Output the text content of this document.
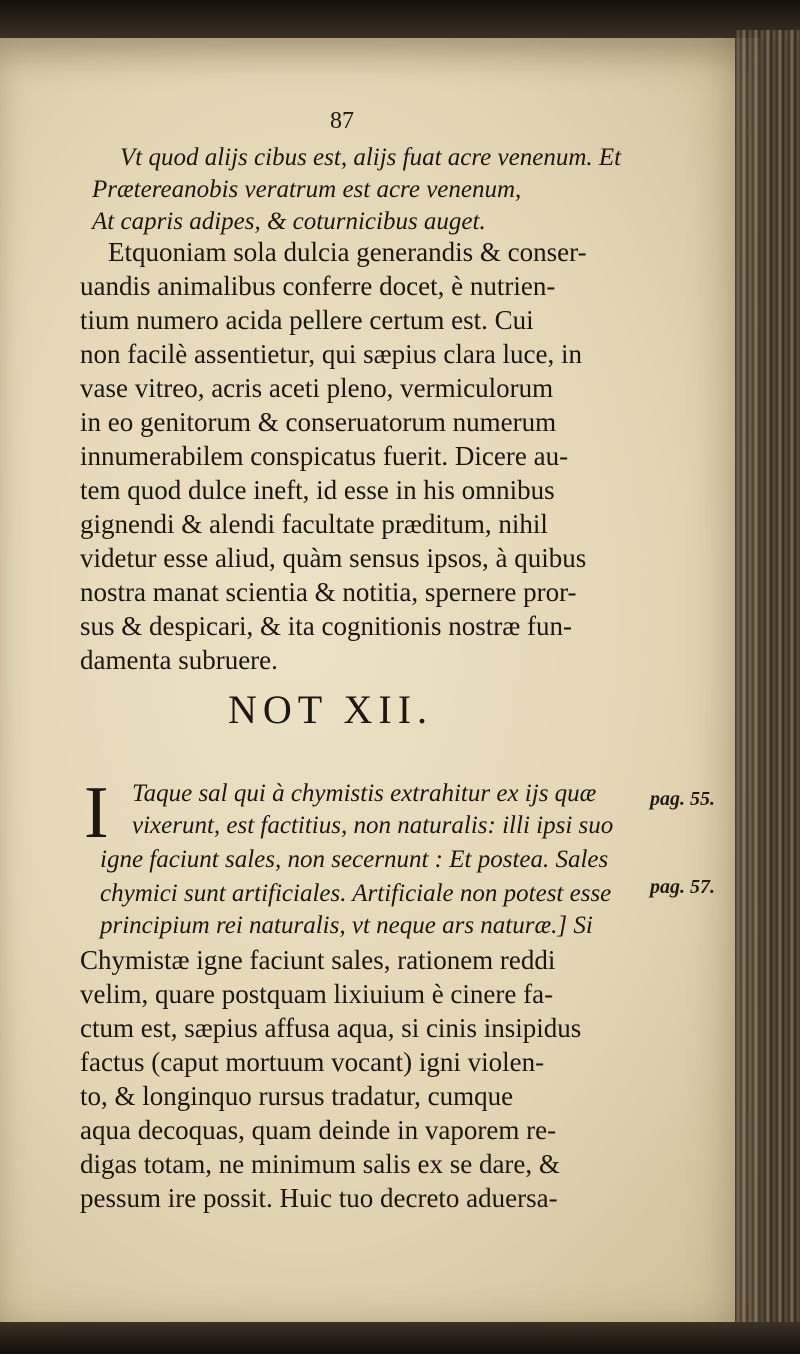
87
Vt quod alijs cibus est, alijs fuat acre venenum. Et
Prætereanobis veratrum est acre venenum,
At capris adipes, & coturnicibus auget.
Etquoniam sola dulcia generandis & conser-
uandis animalibus conferre docet, è nutrien-
tium numero acida pellere certum est. Cui
non facilè assentietur, qui sæpius clara luce, in
vase vitreo, acris aceti pleno, vermiculorum
in eo genitorum & conseruatorum numerum
innumerabilem conspicatus fuerit. Dicere au-
tem quod dulce ineft, id esse in his omnibus
gignendi & alendi facultate præditum, nihil
videtur esse aliud, quàm sensus ipsos, à quibus
nostra manat scientia & notitia, spernere pror-
sus & despicari, & ita cognitionis nostræ fun-
damenta subruere.
NOT XII.
I Taque sal qui à chymistis extrahitur ex ijs quæ
vixerunt, est factitius, non naturalis: illi ipsi suo
igne faciunt sales, non secernunt : Et postea. Sales
chymici sunt artificiales. Artificiale non potest esse
principium rei naturalis, vt neque ars naturæ.] Si
Chymistæ igne faciunt sales, rationem reddi
velim, quare postquam lixiuium è cinere fa-
ctum est, sæpius affusa aqua, si cinis insipidus
factus (caput mortuum vocant) igni violen-
to, & longinquo rursus tradatur, cumque
aqua decoquas, quam deinde in vaporem re-
digas totam, ne minimum salis ex se dare, &
pessum ire possit. Huic tuo decreto aduersa-
pag. 55.
pag. 57.
